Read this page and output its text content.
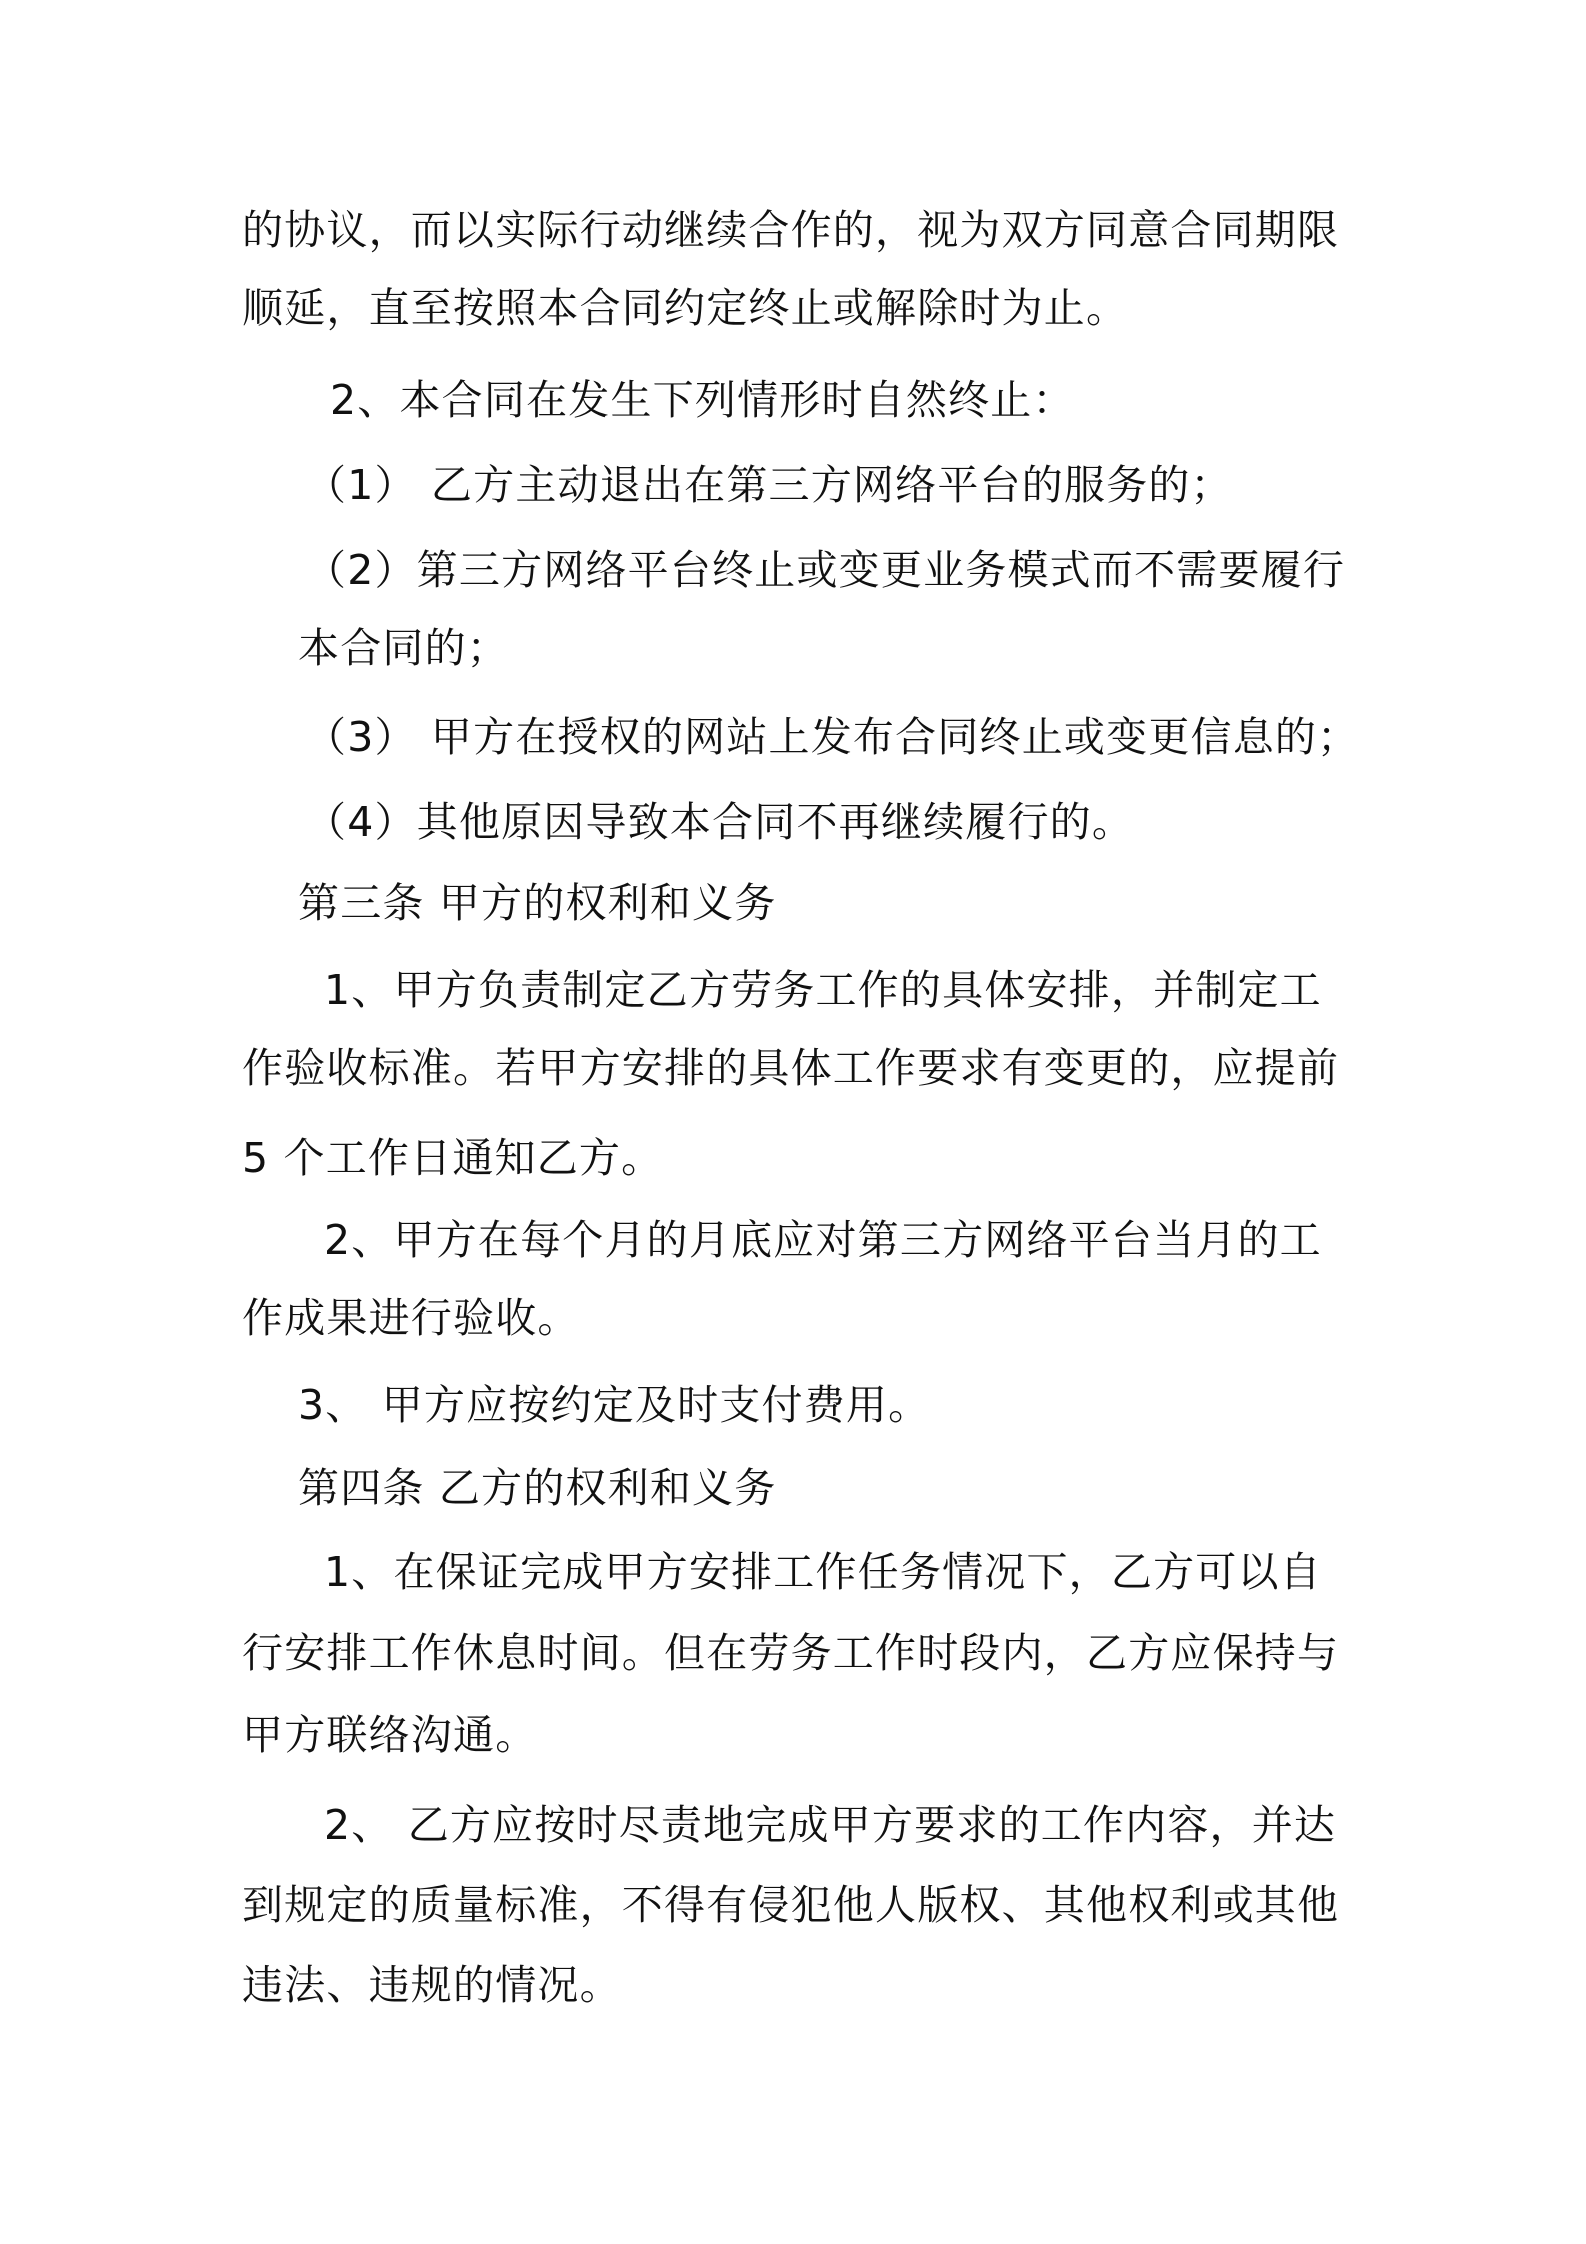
的协议，而以实际行动继续合作的，视为双方同意合同期限
顺延，直至按照本合同约定终止或解除时为止。
2、本合同在发生下列情形时自然终止：
（1） 乙方主动退出在第三方网络平台的服务的；
（2）第三方网络平台终止或变更业务模式而不需要履行
本合同的；
（3） 甲方在授权的网站上发布合同终止或变更信息的；
（4）其他原因导致本合同不再继续履行的。
第三条 甲方的权利和义务
1、甲方负责制定乙方劳务工作的具体安排，并制定工
作验收标准。若甲方安排的具体工作要求有变更的，应提前
5 个工作日通知乙方。
2、甲方在每个月的月底应对第三方网络平台当月的工
作成果进行验收。
3、 甲方应按约定及时支付费用。
第四条 乙方的权利和义务
1、在保证完成甲方安排工作任务情况下，乙方可以自
行安排工作休息时间。但在劳务工作时段内，乙方应保持与
甲方联络沟通。
2、 乙方应按时尽责地完成甲方要求的工作内容，并达
到规定的质量标准，不得有侵犯他人版权、其他权利或其他
违法、违规的情况。
